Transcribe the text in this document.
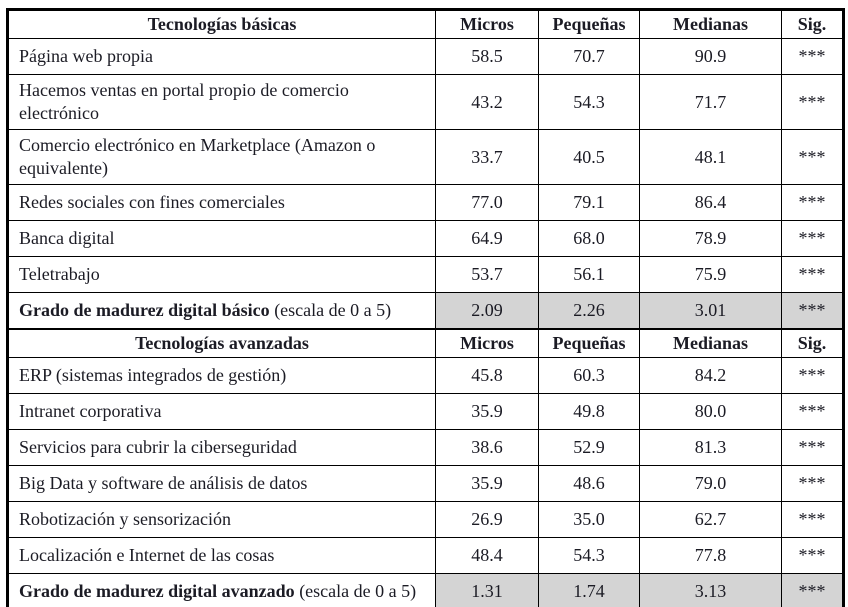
Tecnologías básicas	Micros	Pequeñas	Medianas	Sig.
Página web propia	58.5	70.7	90.9	***
Hacemos ventas en portal propio de comercio electrónico	43.2	54.3	71.7	***
Comercio electrónico en Marketplace (Amazon o equivalente)	33.7	40.5	48.1	***
Redes sociales con fines comerciales	77.0	79.1	86.4	***
Banca digital	64.9	68.0	78.9	***
Teletrabajo	53.7	56.1	75.9	***
Grado de madurez digital básico (escala de 0 a 5)	2.09	2.26	3.01	***
Tecnologías avanzadas	Micros	Pequeñas	Medianas	Sig.
ERP (sistemas integrados de gestión)	45.8	60.3	84.2	***
Intranet corporativa	35.9	49.8	80.0	***
Servicios para cubrir la ciberseguridad	38.6	52.9	81.3	***
Big Data y software de análisis de datos	35.9	48.6	79.0	***
Robotización y sensorización	26.9	35.0	62.7	***
Localización e Internet de las cosas	48.4	54.3	77.8	***
Grado de madurez digital avanzado (escala de 0 a 5)	1.31	1.74	3.13	***
